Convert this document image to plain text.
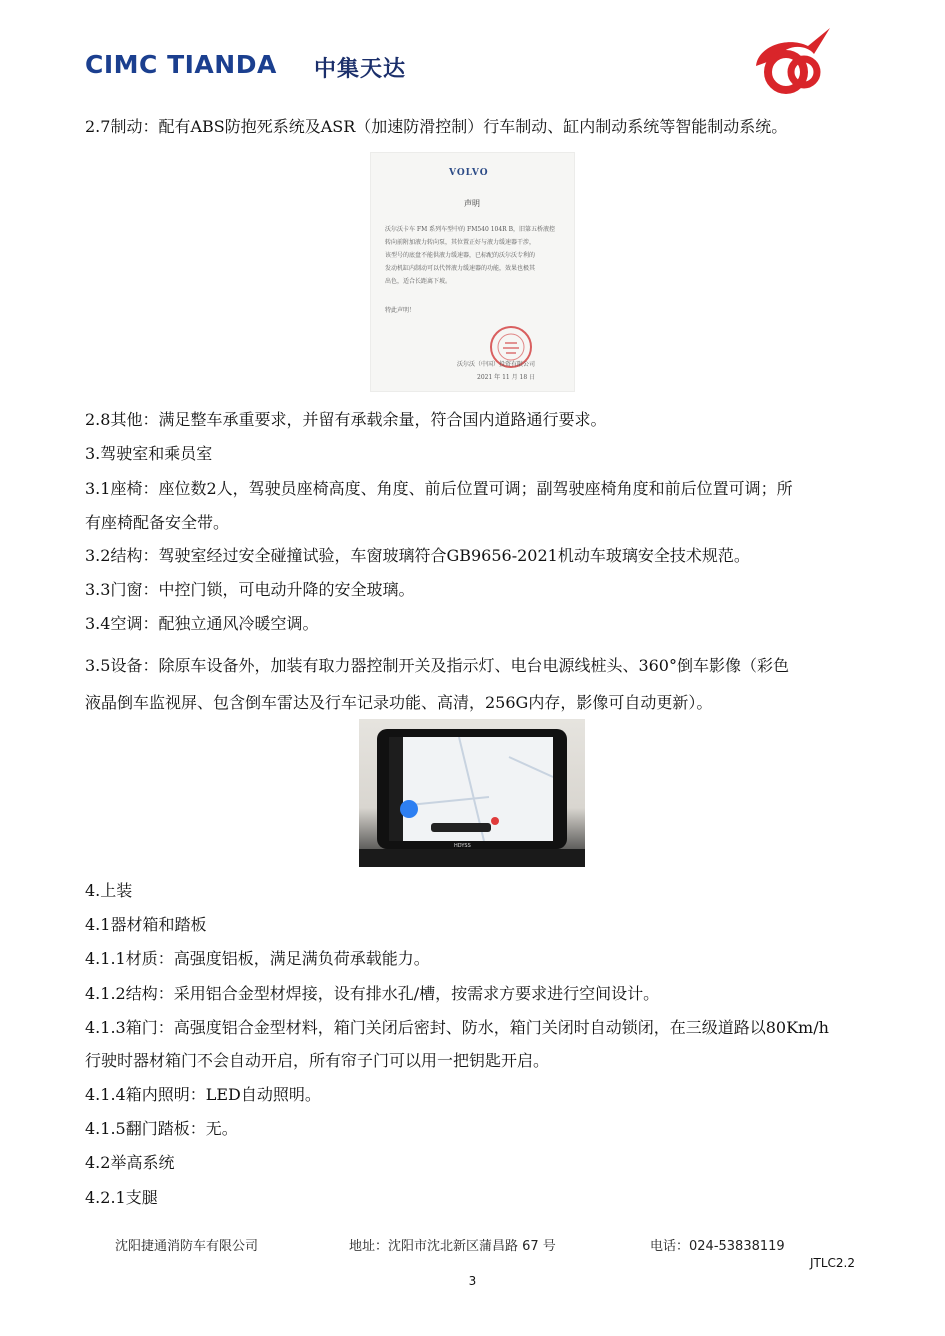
CIMC TIANDA 中集天达
2.7制动：配有ABS防抱死系统及ASR（加速防滑控制）行车制动、缸内制动系统等智能制动系统。
VOLVO
声明
沃尔沃卡车 FM 系列车型中的 FM540 104R B，旧第五桥液控
转向前附加液力转向泵，其位置正好与液力缓速器干涉，
该型号的底盘不能供液力缓速器，已标配的沃尔沃专利的
发动机缸内制动可以代替液力缓速器的功能，效果也极其
出色，适合长距离下坡。
特此声明！
沃尔沃（中国）投资有限公司
2021 年 11 月 18 日
2.8其他：满足整车承重要求，并留有承载余量，符合国内道路通行要求。
3.驾驶室和乘员室
3.1座椅：座位数2人，驾驶员座椅高度、角度、前后位置可调；副驾驶座椅角度和前后位置可调；所
有座椅配备安全带。
3.2结构：驾驶室经过安全碰撞试验，车窗玻璃符合GB9656-2021机动车玻璃安全技术规范。
3.3门窗：中控门锁，可电动升降的安全玻璃。
3.4空调：配独立通风冷暖空调。
3.5设备：除原车设备外，加装有取力器控制开关及指示灯、电台电源线桩头、360°倒车影像（彩色
液晶倒车监视屏、包含倒车雷达及行车记录功能、高清，256G内存，影像可自动更新）。
HDYSS
4.上装
4.1器材箱和踏板
4.1.1材质：高强度铝板，满足满负荷承载能力。
4.1.2结构：采用铝合金型材焊接，设有排水孔/槽，按需求方要求进行空间设计。
4.1.3箱门：高强度铝合金型材料，箱门关闭后密封、防水，箱门关闭时自动锁闭，在三级道路以80Km/h
行驶时器材箱门不会自动开启，所有帘子门可以用一把钥匙开启。
4.1.4箱内照明：LED自动照明。
4.1.5翻门踏板：无。
4.2举高系统
4.2.1支腿
沈阳捷通消防车有限公司	地址：沈阳市沈北新区蒲昌路 67 号	电话：024-53838119
JTLC2.2
3
